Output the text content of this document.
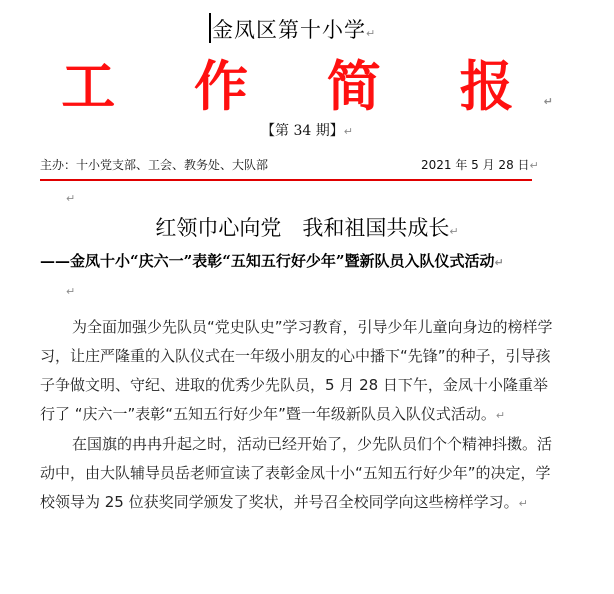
金凤区第十小学↵
工 作 简 报↵
【第 34 期】↵
主办：十小党支部、工会、教务处、大队部	2021 年 5 月 28 日↵
↵
红领巾心向党　我和祖国共成长↵
——金凤十小“庆六一”表彰“五知五行好少年”暨新队员入队仪式活动↵
↵

为全面加强少先队员“党史队史”学习教育，引导少年儿童向身边的榜样学习，让庄严隆重的入队仪式在一年级小朋友的心中播下“先锋”的种子，引导孩子争做文明、守纪、进取的优秀少先队员，5 月 28 日下午，金凤十小隆重举行了 “庆六一”表彰“五知五行好少年”暨一年级新队员入队仪式活动。↵

在国旗的冉冉升起之时，活动已经开始了，少先队员们个个精神抖擞。活动中，由大队辅导员岳老师宣读了表彰金凤十小“五知五行好少年”的决定，学校领导为 25 位获奖同学颁发了奖状，并号召全校同学向这些榜样学习。↵
